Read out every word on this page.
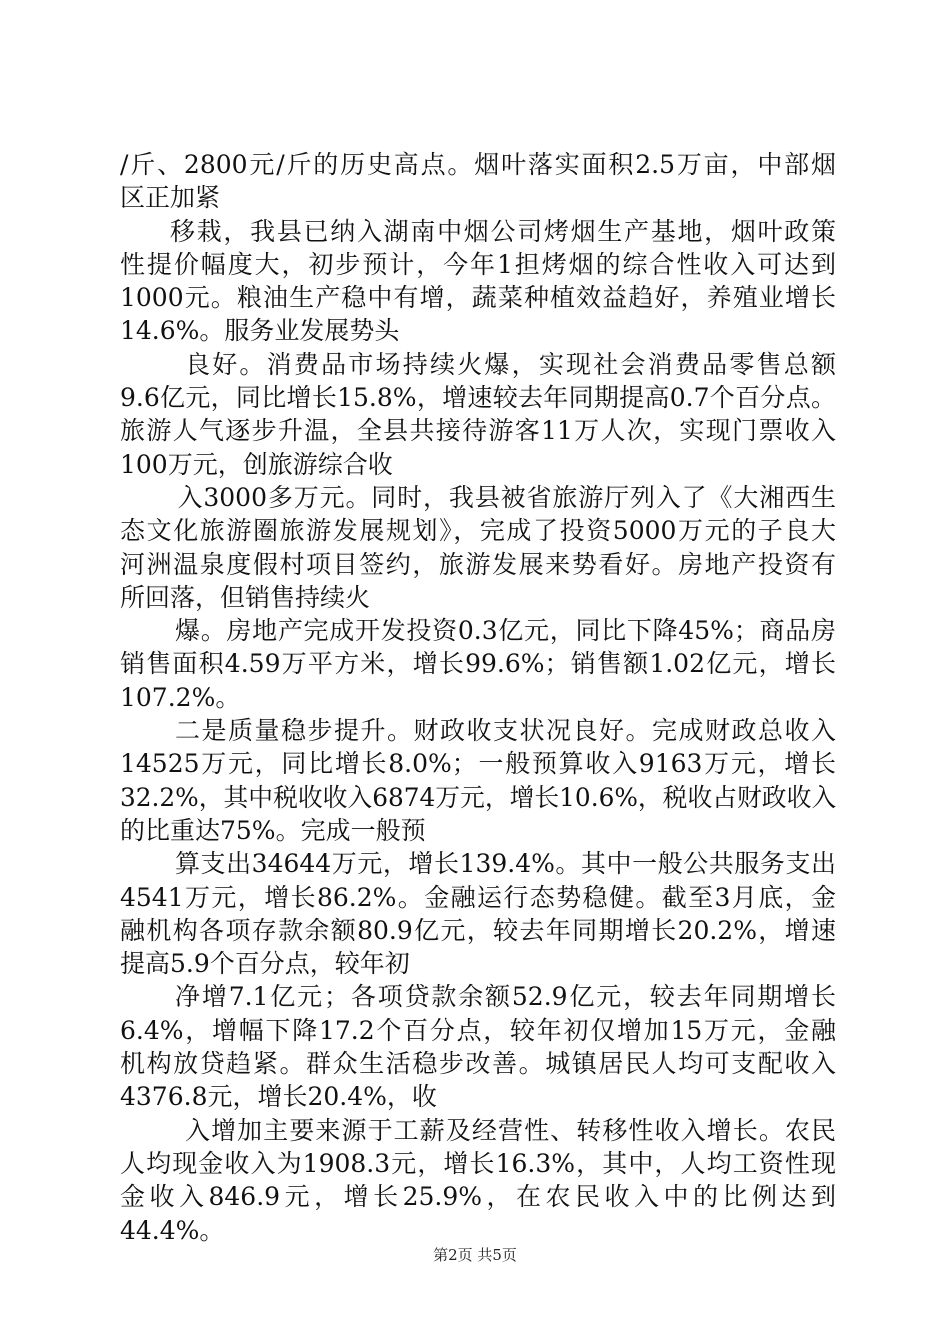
/斤、2800元/斤的历史高点。烟叶落实面积2.5万亩，中部烟
区正加紧
移栽，我县已纳入湖南中烟公司烤烟生产基地，烟叶政策
性提价幅度大，初步预计，今年1担烤烟的综合性收入可达到
1000元。粮油生产稳中有增，蔬菜种植效益趋好，养殖业增长
14.6%。服务业发展势头
良好。消费品市场持续火爆，实现社会消费品零售总额
9.6亿元，同比增长15.8%，增速较去年同期提高0.7个百分点。
旅游人气逐步升温，全县共接待游客11万人次，实现门票收入
100万元，创旅游综合收
入3000多万元。同时，我县被省旅游厅列入了《大湘西生
态文化旅游圈旅游发展规划》，完成了投资5000万元的子良大
河洲温泉度假村项目签约，旅游发展来势看好。房地产投资有
所回落，但销售持续火
爆。房地产完成开发投资0.3亿元，同比下降45%；商品房
销售面积4.59万平方米，增长99.6%；销售额1.02亿元，增长
107.2%。
二是质量稳步提升。财政收支状况良好。完成财政总收入
14525万元，同比增长8.0%；一般预算收入9163万元，增长
32.2%，其中税收收入6874万元，增长10.6%，税收占财政收入
的比重达75%。完成一般预
算支出34644万元，增长139.4%。其中一般公共服务支出
4541万元，增长86.2%。金融运行态势稳健。截至3月底，金
融机构各项存款余额80.9亿元，较去年同期增长20.2%，增速
提高5.9个百分点，较年初
净增7.1亿元；各项贷款余额52.9亿元，较去年同期增长
6.4%，增幅下降17.2个百分点，较年初仅增加15万元，金融
机构放贷趋紧。群众生活稳步改善。城镇居民人均可支配收入
4376.8元，增长20.4%，收
入增加主要来源于工薪及经营性、转移性收入增长。农民
人均现金收入为1908.3元，增长16.3%，其中，人均工资性现
金收入846.9元，增长25.9%，在农民收入中的比例达到
44.4%。
第2页 共5页
